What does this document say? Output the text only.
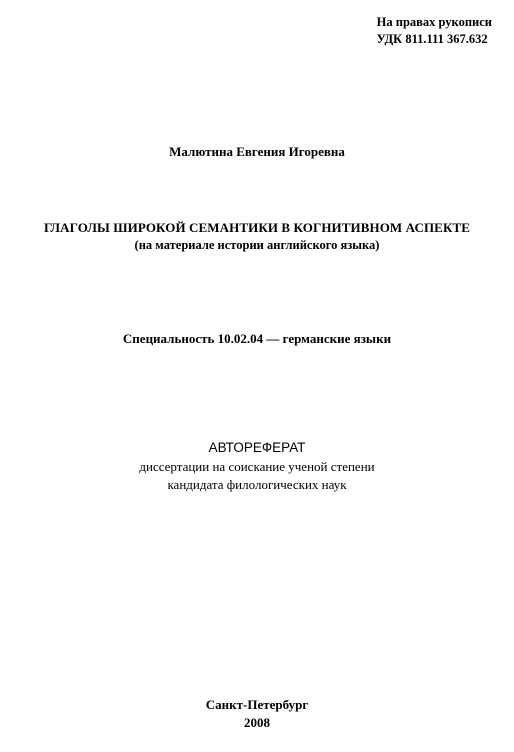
На правах рукописи
УДК 811.111 367.632

Малютина Евгения Игоревна

ГЛАГОЛЫ ШИРОКОЙ СЕМАНТИКИ В КОГНИТИВНОМ АСПЕКТЕ

(на материале истории английского языка)

Специальность 10.02.04 — германские языки

АВТОРЕФЕРАТ

диссертации на соискание ученой степени

кандидата филологических наук

Санкт-Петербург

2008
